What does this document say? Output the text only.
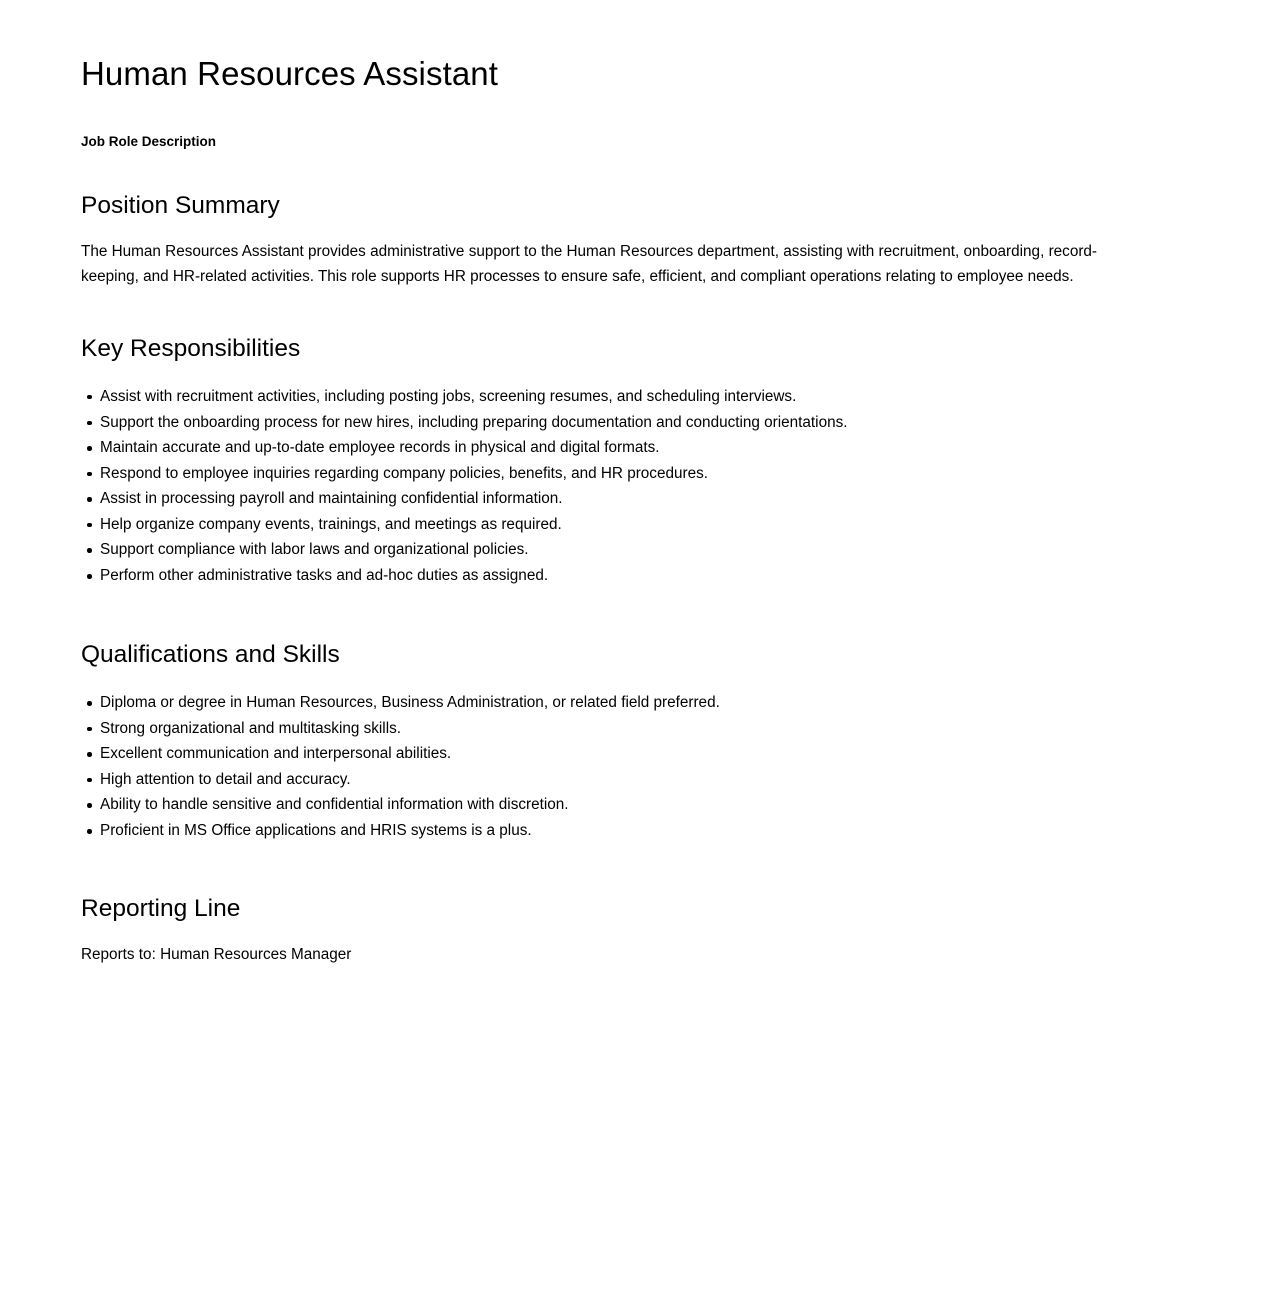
Human Resources Assistant
Job Role Description
Position Summary

The Human Resources Assistant provides administrative support to the Human Resources department, assisting with recruitment, onboarding, record-keeping, and HR-related activities. This role supports HR processes to ensure safe, efficient, and compliant operations relating to employee needs.

Key Responsibilities
Assist with recruitment activities, including posting jobs, screening resumes, and scheduling interviews.
Support the onboarding process for new hires, including preparing documentation and conducting orientations.
Maintain accurate and up-to-date employee records in physical and digital formats.
Respond to employee inquiries regarding company policies, benefits, and HR procedures.
Assist in processing payroll and maintaining confidential information.
Help organize company events, trainings, and meetings as required.
Support compliance with labor laws and organizational policies.
Perform other administrative tasks and ad-hoc duties as assigned.
Qualifications and Skills
Diploma or degree in Human Resources, Business Administration, or related field preferred.
Strong organizational and multitasking skills.
Excellent communication and interpersonal abilities.
High attention to detail and accuracy.
Ability to handle sensitive and confidential information with discretion.
Proficient in MS Office applications and HRIS systems is a plus.
Reporting Line

Reports to: Human Resources Manager
